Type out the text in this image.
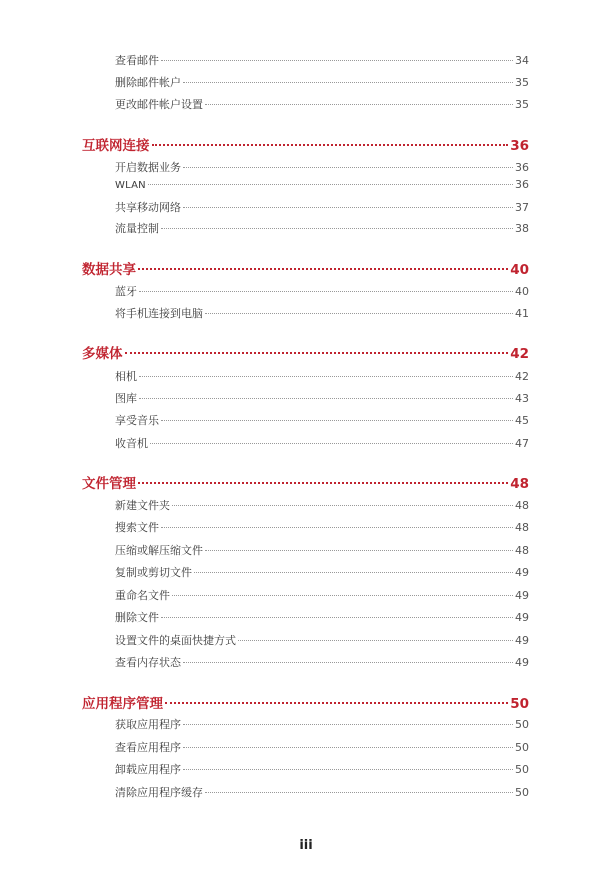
查看邮件	34
删除邮件帐户	35
更改邮件帐户设置	35
互联网连接	36
开启数据业务	36
WLAN	36
共享移动网络	37
流量控制	38
数据共享	40
蓝牙	40
将手机连接到电脑	41
多媒体	42
相机	42
图库	43
享受音乐	45
收音机	47
文件管理	48
新建文件夹	48
搜索文件	48
压缩或解压缩文件	48
复制或剪切文件	49
重命名文件	49
删除文件	49
设置文件的桌面快捷方式	49
查看内存状态	49
应用程序管理	50
获取应用程序	50
查看应用程序	50
卸载应用程序	50
清除应用程序缓存	50
iii
